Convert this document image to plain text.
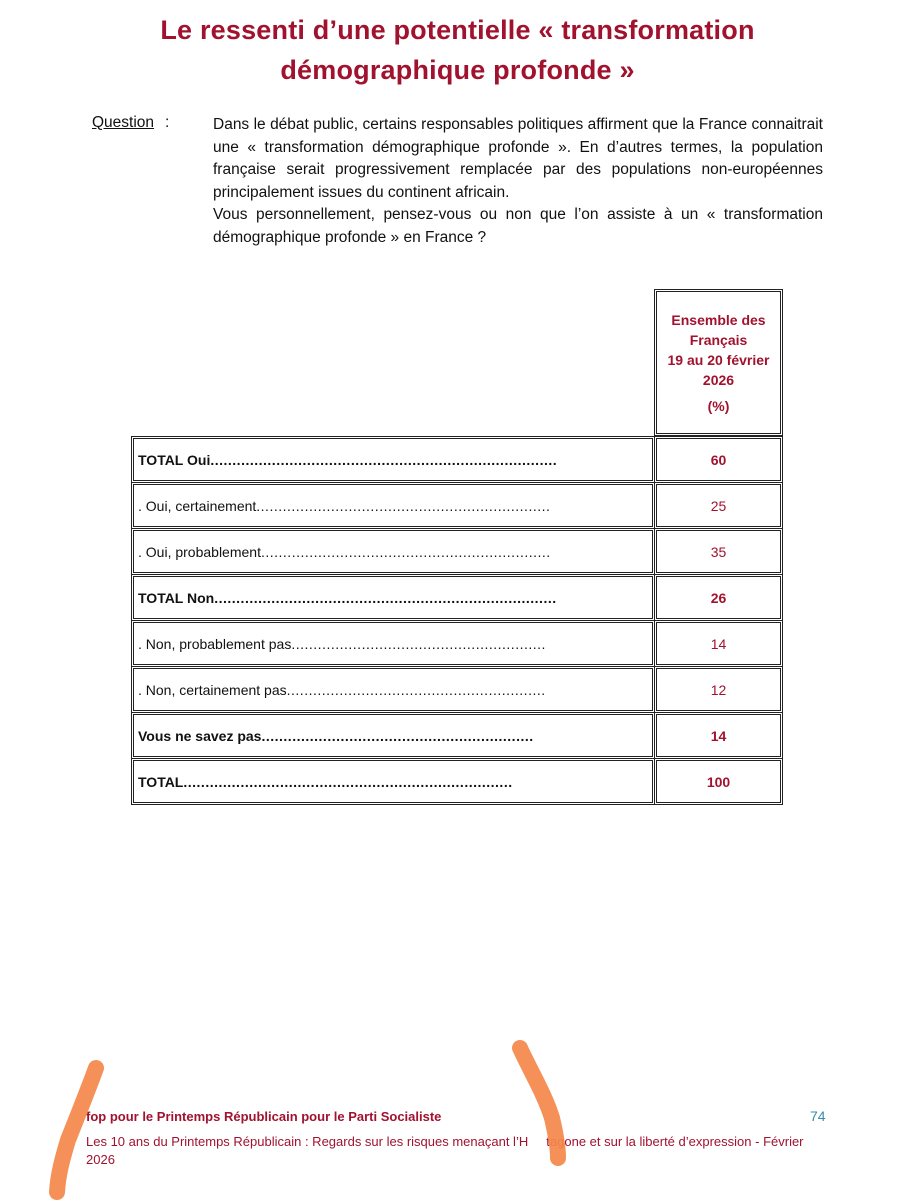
Le ressenti d’une potentielle « transformation
démographique profonde »
Question :	Dans le débat public, certains responsables politiques affirment que la France connaitrait une « transformation démographique profonde ». En d’autres termes, la population française serait progressivement remplacée par des populations non-européennes principalement issues du continent africain.

Vous personnellement, pensez-vous ou non que l’on assiste à un « transformation démographique profonde » en France ?

Ensemble des
Français
19 au 20 février
2026
(%)
TOTAL Oui ...............................................................................	60
. Oui, certainement ...................................................................	25
. Oui, probablement ..................................................................	35
TOTAL Non ..............................................................................	26
. Non, probablement pas ..........................................................	14
. Non, certainement pas ...........................................................	12
Vous ne savez pas ..............................................................	14
TOTAL ...........................................................................	100
fop pour le Printemps Républicain pour le Parti Socialiste	74
Les 10 ans du Printemps Républicain : Regards sur les risques menaçant l’H     tagone et sur la liberté d’expression - Février 2026
